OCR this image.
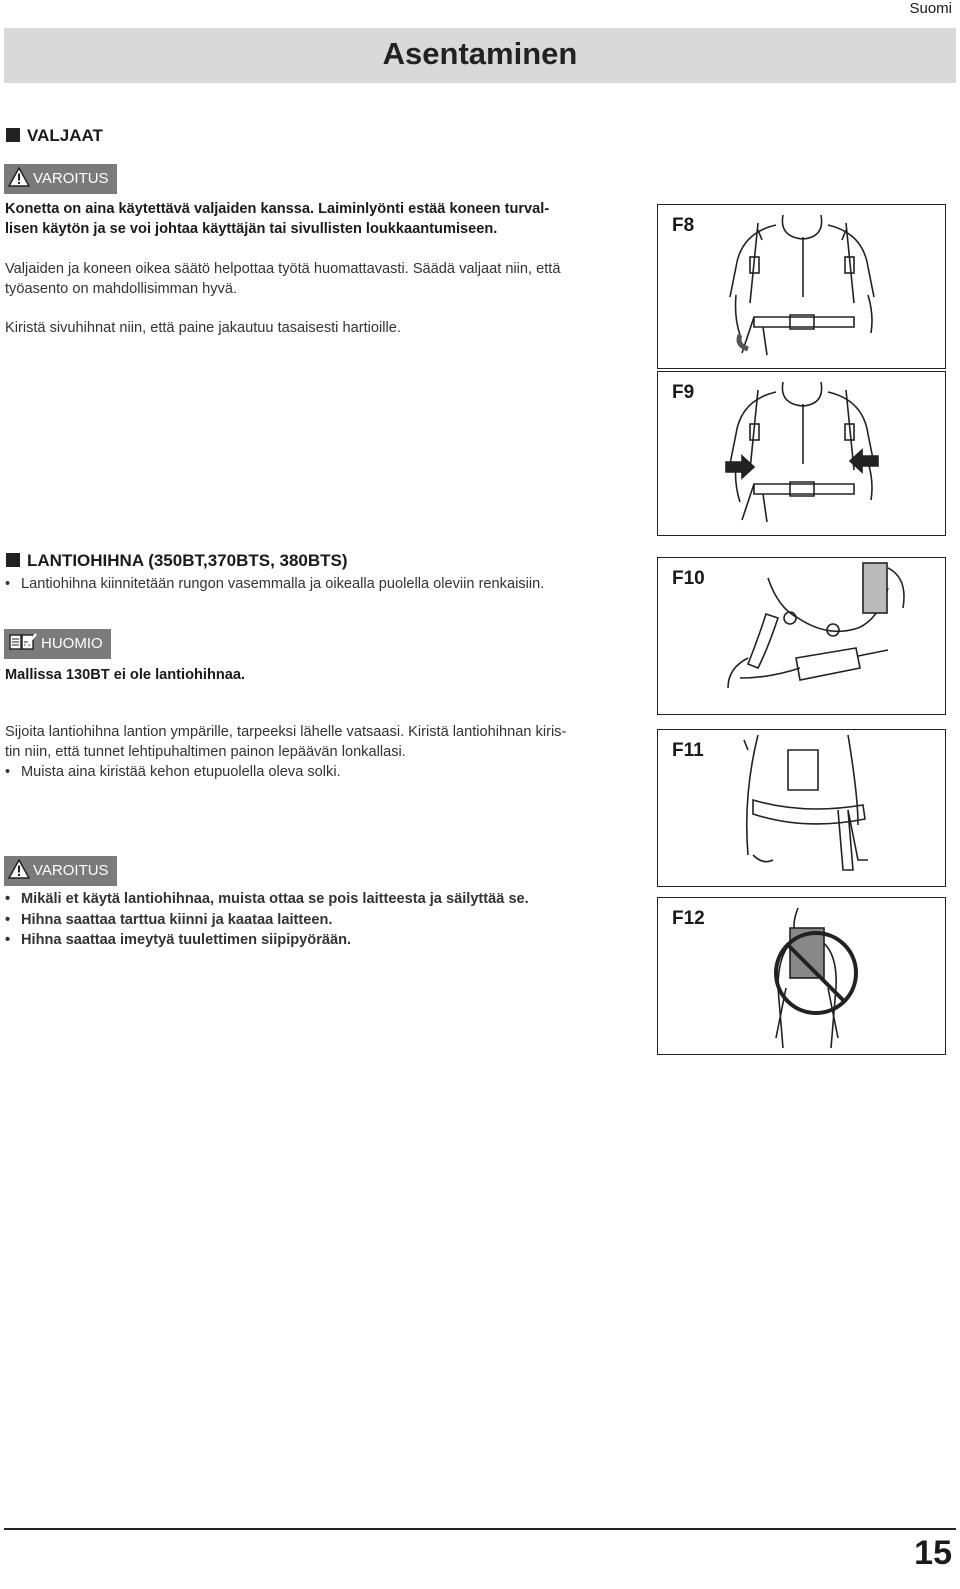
Suomi
Asentaminen
VALJAAT
VAROITUS
Konetta on aina käytettävä valjaiden kanssa. Laiminlyönti estää koneen turval-
lisen käytön ja se voi johtaa käyttäjän tai sivullisten loukkaantumiseen.
Valjaiden ja koneen oikea säätö helpottaa työtä huomattavasti. Säädä valjaat niin, että
työasento on mahdollisimman hyvä.
Kiristä sivuhihnat niin, että paine jakautuu tasaisesti hartioille.
LANTIOHIHNA (350BT,370BTS, 380BTS)
• Lantiohihna kiinnitetään rungon vasemmalla ja oikealla puolella oleviin renkaisiin.
HUOMIO
Mallissa 130BT ei ole lantiohihnaa.
Sijoita lantiohihna lantion ympärille, tarpeeksi lähelle vatsaasi. Kiristä lantiohihnan kiris-
tin niin, että tunnet lehtipuhaltimen painon lepäävän lonkallasi.
• Muista aina kiristää kehon etupuolella oleva solki.
VAROITUS
• Mikäli et käytä lantiohihnaa, muista ottaa se pois laitteesta ja säilyttää se.
• Hihna saattaa tarttua kiinni ja kaataa laitteen.
• Hihna saattaa imeytyä tuulettimen siipipyörään.
F8
F9
F10
F11
F12
15
